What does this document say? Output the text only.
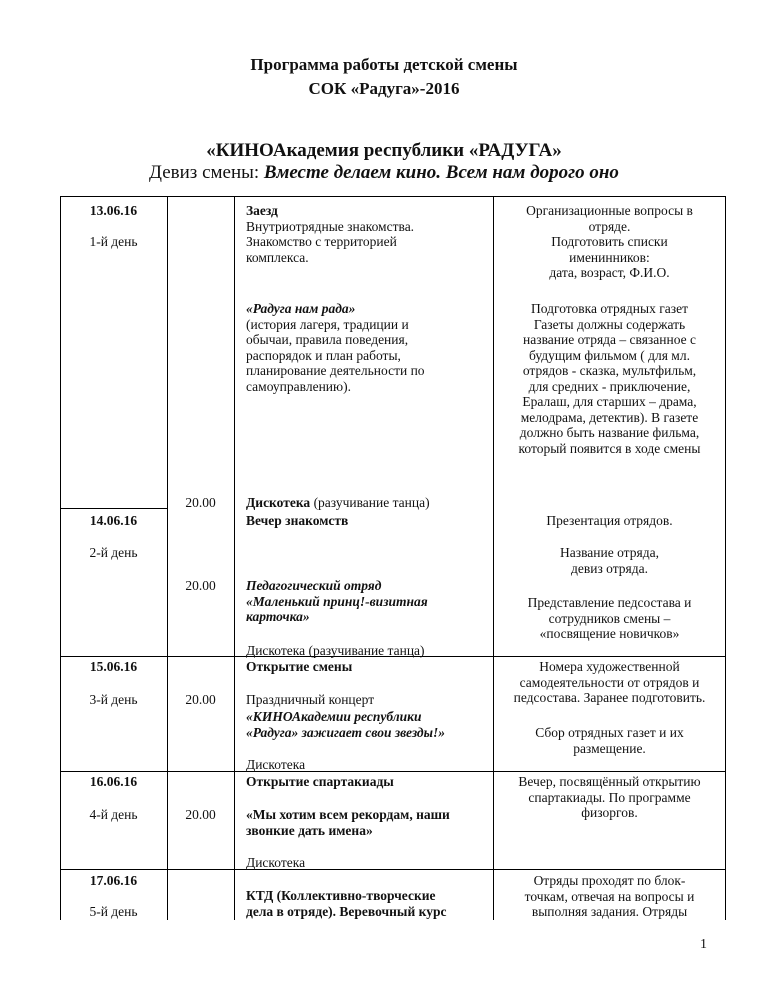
Программа работы детской смены
СОК «Радуга»-2016
«КИНОАкадемия республики «РАДУГА»
Девиз смены: Вместе делаем кино. Всем нам дорого оно
13.06.16
1-й день
20.00
Заезд
Внутриотрядные знакомства.
Знакомство с территорией
комплекса.
«Радуга нам рада»
(история лагеря, традиции и
обычаи, правила поведения,
распорядок и план работы,
планирование деятельности по
самоуправлению).
Дискотека (разучивание танца)
Организационные вопросы в
отряде.
Подготовить списки
именинников:
дата, возраст, Ф.И.О.
Подготовка отрядных газет
Газеты должны содержать
название отряда – связанное с
будущим фильмом ( для мл.
отрядов - сказка, мультфильм,
для средних - приключение,
Ералаш, для старших – драма,
мелодрама, детектив). В газете
должно быть название фильма,
который появится в ходе смены
14.06.16
2-й день
20.00
Вечер знакомств
Педагогический отряд
«Маленький принц!-визитная
карточка»
Дискотека (разучивание танца)
Презентация отрядов.
Название отряда,
девиз отряда.
Представление педсостава и
сотрудников смены –
«посвящение новичков»
15.06.16
3-й день	20.00
Открытие смены
Праздничный концерт
«КИНОАкадемии республики
«Радуга» зажигает свои звезды!»
Дискотека
Номера художественной
самодеятельности от отрядов и
педсостава. Заранее подготовить.
Сбор отрядных газет и их
размещение.
16.06.16
4-й день	20.00
Открытие спартакиады
«Мы хотим всем рекордам, наши
звонкие дать имена»
Дискотека
Вечер, посвящённый открытию
спартакиады. По программе
физоргов.
17.06.16
5-й день
КТД (Коллективно-творческие
дела в отряде). Веревочный курс
Отряды проходят по блок-
точкам, отвечая на вопросы и
выполняя задания. Отряды
1
